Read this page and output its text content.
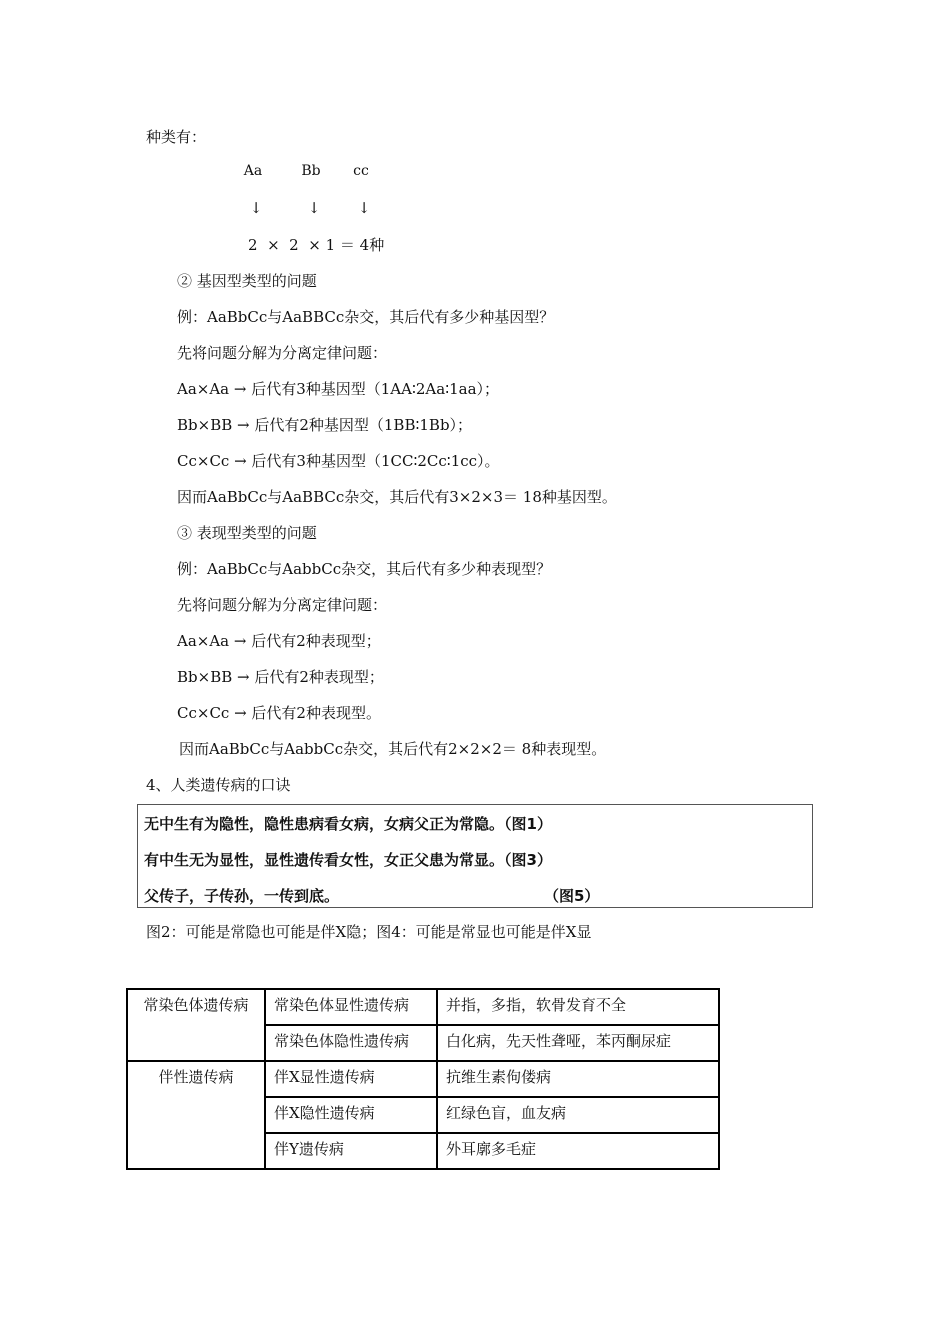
种类有：
Aa	Bb	cc
↓	↓	↓
2  ×  2  × 1 ＝ 4种
② 基因型类型的问题
例：AaBbCc与AaBBCc杂交，其后代有多少种基因型？
先将问题分解为分离定律问题：
Aa×Aa → 后代有3种基因型（1AA∶2Aa∶1aa）；
Bb×BB → 后代有2种基因型（1BB∶1Bb）；
Cc×Cc → 后代有3种基因型（1CC∶2Cc∶1cc）。
因而AaBbCc与AaBBCc杂交，其后代有3×2×3＝ 18种基因型。
③ 表现型类型的问题
例：AaBbCc与AabbCc杂交，其后代有多少种表现型？
先将问题分解为分离定律问题：
Aa×Aa → 后代有2种表现型；
Bb×BB → 后代有2种表现型；
Cc×Cc → 后代有2种表现型。
因而AaBbCc与AabbCc杂交，其后代有2×2×2＝ 8种表现型。
4、人类遗传病的口诀
无中生有为隐性，隐性患病看女病，女病父正为常隐。（图1）
有中生无为显性，显性遗传看女性，女正父患为常显。（图3）
父传子，子传孙，一传到底。	（图5）
图2：可能是常隐也可能是伴X隐；图4：可能是常显也可能是伴X显
常染色体遗传病	常染色体显性遗传病	并指，多指，软骨发育不全
	常染色体隐性遗传病	白化病，先天性聋哑，苯丙酮尿症
伴性遗传病	伴X显性遗传病	抗维生素佝偻病
	伴X隐性遗传病	红绿色盲，血友病
	伴Y遗传病	外耳廓多毛症
